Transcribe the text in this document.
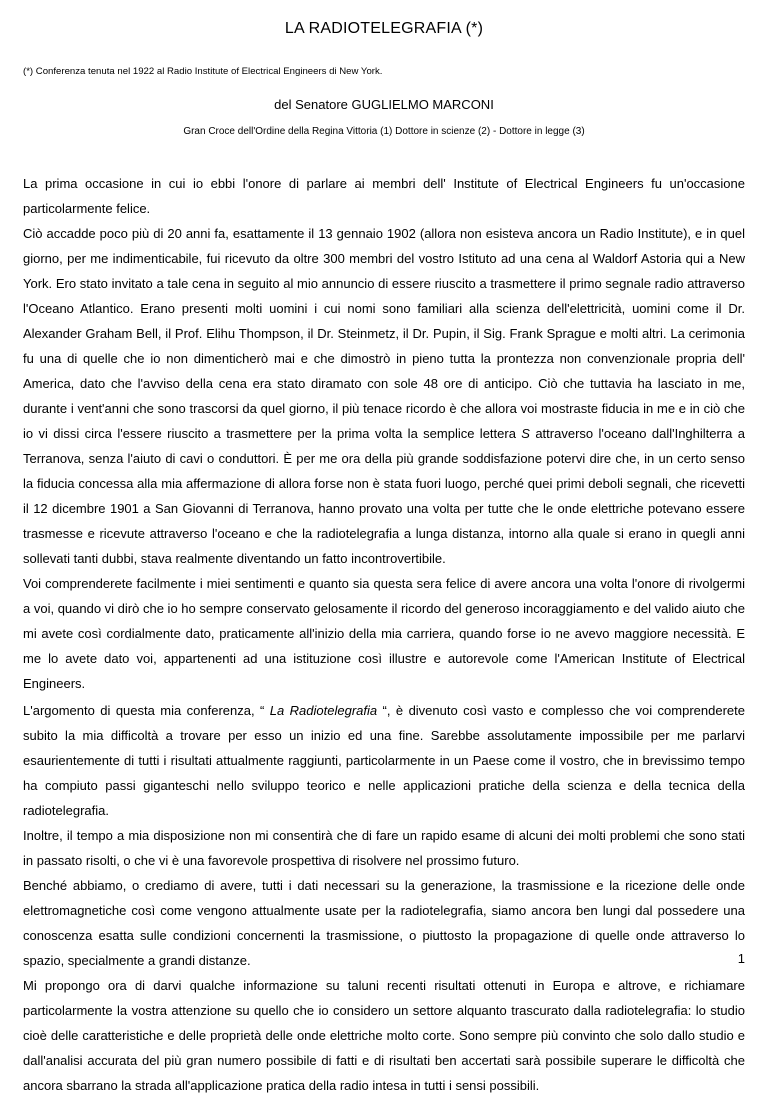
LA RADIOTELEGRAFIA (*)
(*) Conferenza tenuta nel 1922 al Radio Institute of Electrical Engineers di New York.
del Senatore GUGLIELMO MARCONI
Gran Croce dell'Ordine della Regina Vittoria (1) Dottore in scienze (2) - Dottore in legge (3)

La prima occasione in cui io ebbi l'onore di parlare ai membri dell' Institute of Electrical Engineers fu un'occasione particolarmente felice.

Ciò accadde poco più di 20 anni fa, esattamente il 13 gennaio 1902 (allora non esisteva ancora un Radio Institute), e in quel giorno, per me indimenticabile, fui ricevuto da oltre 300 membri del vostro Istituto ad una cena al Waldorf Astoria qui a New York. Ero stato invitato a tale cena in seguito al mio annuncio di essere riuscito a trasmettere il primo segnale radio attraverso l'Oceano Atlantico. Erano presenti molti uomini i cui nomi sono familiari alla scienza dell'elettricità, uomini come il Dr. Alexander Graham Bell, il Prof. Elihu Thompson, il Dr. Steinmetz, il Dr. Pupin, il Sig. Frank Sprague e molti altri. La cerimonia fu una di quelle che io non dimenticherò mai e che dimostrò in pieno tutta la prontezza non convenzionale propria dell' America, dato che l'avviso della cena era stato diramato con sole 48 ore di anticipo. Ciò che tuttavia ha lasciato in me, durante i vent'anni che sono trascorsi da quel giorno, il più tenace ricordo è che allora voi mostraste fiducia in me e in ciò che io vi dissi circa l'essere riuscito a trasmettere per la prima volta la semplice lettera S attraverso l'oceano dall'Inghilterra a Terranova, senza l'aiuto di cavi o conduttori. È per me ora della più grande soddisfazione potervi dire che, in un certo senso la fiducia concessa alla mia affermazione di allora forse non è stata fuori luogo, perché quei primi deboli segnali, che ricevetti il 12 dicembre 1901 a San Giovanni di Terranova, hanno provato una volta per tutte che le onde elettriche potevano essere trasmesse e ricevute attraverso l'oceano e che la radiotelegrafia a lunga distanza, intorno alla quale si erano in quegli anni sollevati tanti dubbi, stava realmente diventando un fatto incontrovertibile.

Voi comprenderete facilmente i miei sentimenti e quanto sia questa sera felice di avere ancora una volta l'onore di rivolgermi a voi, quando vi dirò che io ho sempre conservato gelosamente il ricordo del generoso incoraggiamento e del valido aiuto che mi avete così cordialmente dato, praticamente all'inizio della mia carriera, quando forse io ne avevo maggiore necessità. E me lo avete dato voi, appartenenti ad una istituzione così illustre e autorevole come l'American Institute of Electrical Engineers.

L'argomento di questa mia conferenza, “ La Radiotelegrafia “, è divenuto così vasto e complesso che voi comprenderete subito la mia difficoltà a trovare per esso un inizio ed una fine. Sarebbe assolutamente impossibile per me parlarvi esaurientemente di tutti i risultati attualmente raggiunti, particolarmente in un Paese come il vostro, che in brevissimo tempo ha compiuto passi giganteschi nello sviluppo teorico e nelle applicazioni pratiche della scienza e della tecnica della radiotelegrafia.

Inoltre, il tempo a mia disposizione non mi consentirà che di fare un rapido esame di alcuni dei molti problemi che sono stati in passato risolti, o che vi è una favorevole prospettiva di risolvere nel prossimo futuro.

Benché abbiamo, o crediamo di avere, tutti i dati necessari su la generazione, la trasmissione e la ricezione delle onde elettromagnetiche così come vengono attualmente usate per la radiotelegrafia, siamo ancora ben lungi dal possedere una conoscenza esatta sulle condizioni concernenti la trasmissione, o piuttosto la propagazione di quelle onde attraverso lo spazio, specialmente a grandi distanze.

Mi propongo ora di darvi qualche informazione su taluni recenti risultati ottenuti in Europa e altrove, e richiamare particolarmente la vostra attenzione su quello che io considero un settore alquanto trascurato dalla radiotelegrafia: lo studio cioè delle caratteristiche e delle proprietà delle onde elettriche molto corte. Sono sempre più convinto che solo dallo studio e dall'analisi accurata del più gran numero possibile di fatti e di risultati ben accertati sarà possibile superare le difficoltà che ancora sbarrano la strada all'applicazione pratica della radio intesa in tutti i sensi possibili.

1
